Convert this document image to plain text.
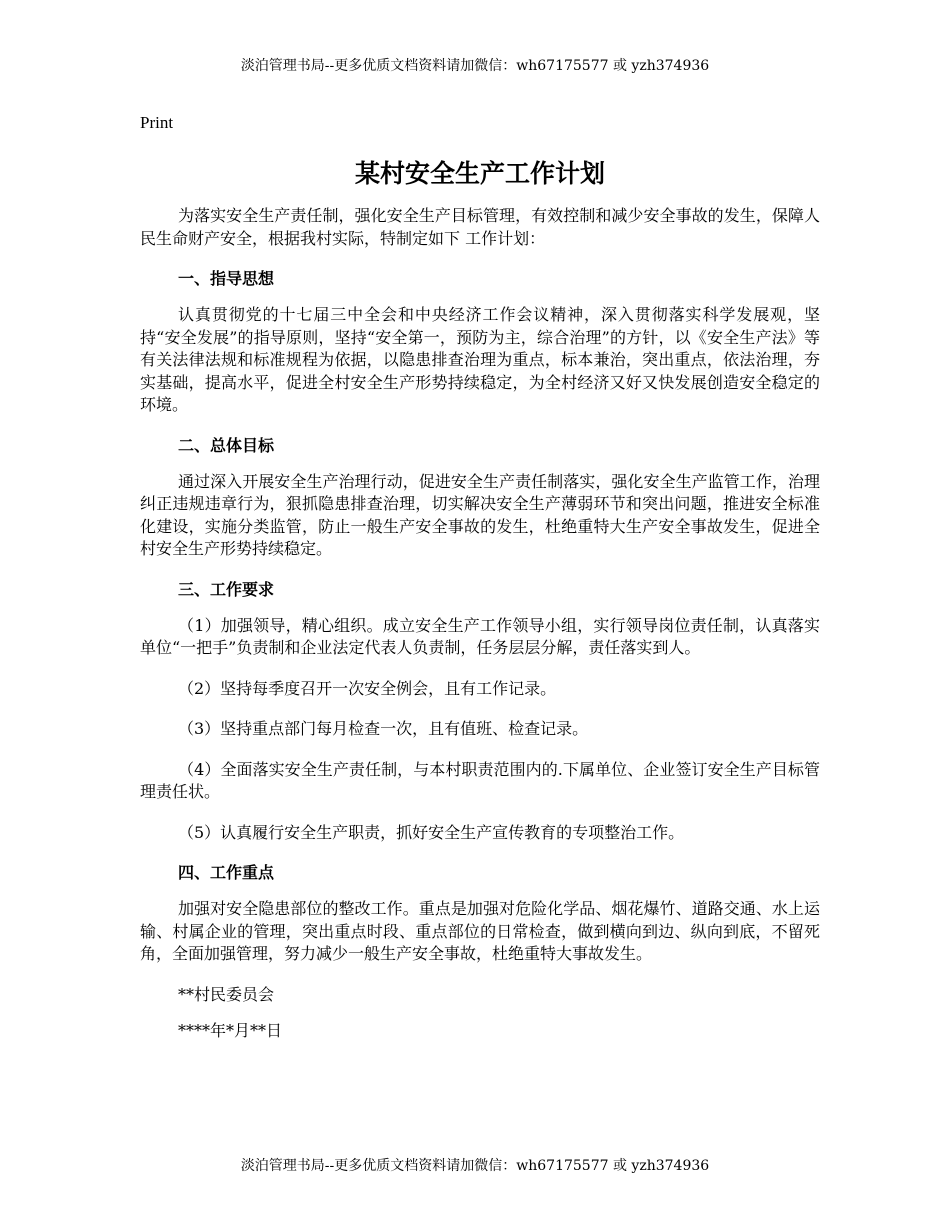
淡泊管理书局--更多优质文档资料请加微信：wh67175577 或 yzh374936
Print
某村安全生产工作计划

为落实安全生产责任制，强化安全生产目标管理，有效控制和减少安全事故的发生，保障人民生命财产安全，根据我村实际，特制定如下 工作计划：

一、指导思想

认真贯彻党的十七届三中全会和中央经济工作会议精神，深入贯彻落实科学发展观，坚持“安全发展”的指导原则，坚持“安全第一，预防为主，综合治理”的方针，以《安全生产法》等有关法律法规和标准规程为依据，以隐患排查治理为重点，标本兼治，突出重点，依法治理，夯实基础，提高水平，促进全村安全生产形势持续稳定，为全村经济又好又快发展创造安全稳定的环境。

二、总体目标

通过深入开展安全生产治理行动，促进安全生产责任制落实，强化安全生产监管工作，治理纠正违规违章行为，狠抓隐患排查治理，切实解决安全生产薄弱环节和突出问题，推进安全标准化建设，实施分类监管，防止一般生产安全事故的发生，杜绝重特大生产安全事故发生，促进全村安全生产形势持续稳定。

三、工作要求

（1）加强领导，精心组织。成立安全生产工作领导小组，实行领导岗位责任制，认真落实单位“一把手”负责制和企业法定代表人负责制，任务层层分解，责任落实到人。

（2）坚持每季度召开一次安全例会，且有工作记录。

（3）坚持重点部门每月检查一次，且有值班、检查记录。

（4）全面落实安全生产责任制，与本村职责范围内的.下属单位、企业签订安全生产目标管理责任状。

（5）认真履行安全生产职责，抓好安全生产宣传教育的专项整治工作。

四、工作重点

加强对安全隐患部位的整改工作。重点是加强对危险化学品、烟花爆竹、道路交通、水上运输、村属企业的管理，突出重点时段、重点部位的日常检查，做到横向到边、纵向到底，不留死角，全面加强管理，努力减少一般生产安全事故，杜绝重特大事故发生。

**村民委员会
****年*月**日
淡泊管理书局--更多优质文档资料请加微信：wh67175577 或 yzh374936
